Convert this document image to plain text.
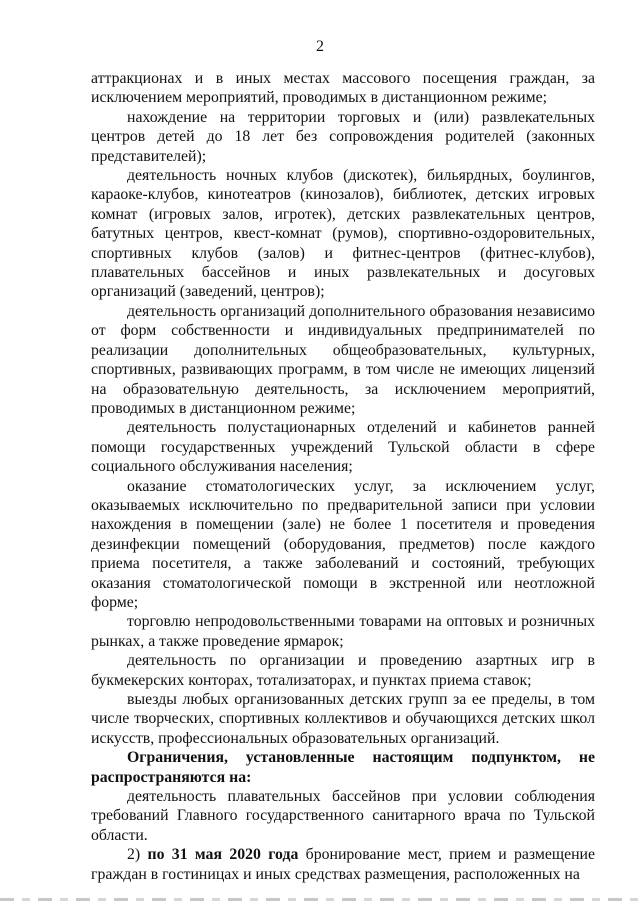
2

аттракционах и в иных местах массового посещения граждан, за исключением мероприятий, проводимых в дистанционном режиме;

нахождение на территории торговых и (или) развлекательных центров детей до 18 лет без сопровождения родителей (законных представителей);

деятельность ночных клубов (дискотек), бильярдных, боулингов, караоке-клубов, кинотеатров (кинозалов), библиотек, детских игровых комнат (игровых залов, игротек), детских развлекательных центров, батутных центров, квест-комнат (румов), спортивно-оздоровительных, спортивных клубов (залов) и фитнес-центров (фитнес-клубов), плавательных бассейнов и иных развлекательных и досуговых организаций (заведений, центров);

деятельность организаций дополнительного образования независимо от форм собственности и индивидуальных предпринимателей по реализации дополнительных общеобразовательных, культурных, спортивных, развивающих программ, в том числе не имеющих лицензий на образовательную деятельность, за исключением мероприятий, проводимых в дистанционном режиме;

деятельность полустационарных отделений и кабинетов ранней помощи государственных учреждений Тульской области в сфере социального обслуживания населения;

оказание стоматологических услуг, за исключением услуг, оказываемых исключительно по предварительной записи при условии нахождения в помещении (зале) не более 1 посетителя и проведения дезинфекции помещений (оборудования, предметов) после каждого приема посетителя, а также заболеваний и состояний, требующих оказания стоматологической помощи в экстренной или неотложной форме;

торговлю непродовольственными товарами на оптовых и розничных рынках, а также проведение ярмарок;

деятельность по организации и проведению азартных игр в букмекерских конторах, тотализаторах, и пунктах приема ставок;

выезды любых организованных детских групп за ее пределы, в том числе творческих, спортивных коллективов и обучающихся детских школ искусств, профессиональных образовательных организаций.

Ограничения, установленные настоящим подпунктом, не распространяются на:

деятельность плавательных бассейнов при условии соблюдения требований Главного государственного санитарного врача по Тульской области.

2) по 31 мая 2020 года бронирование мест, прием и размещение граждан в гостиницах и иных средствах размещения, расположенных на
